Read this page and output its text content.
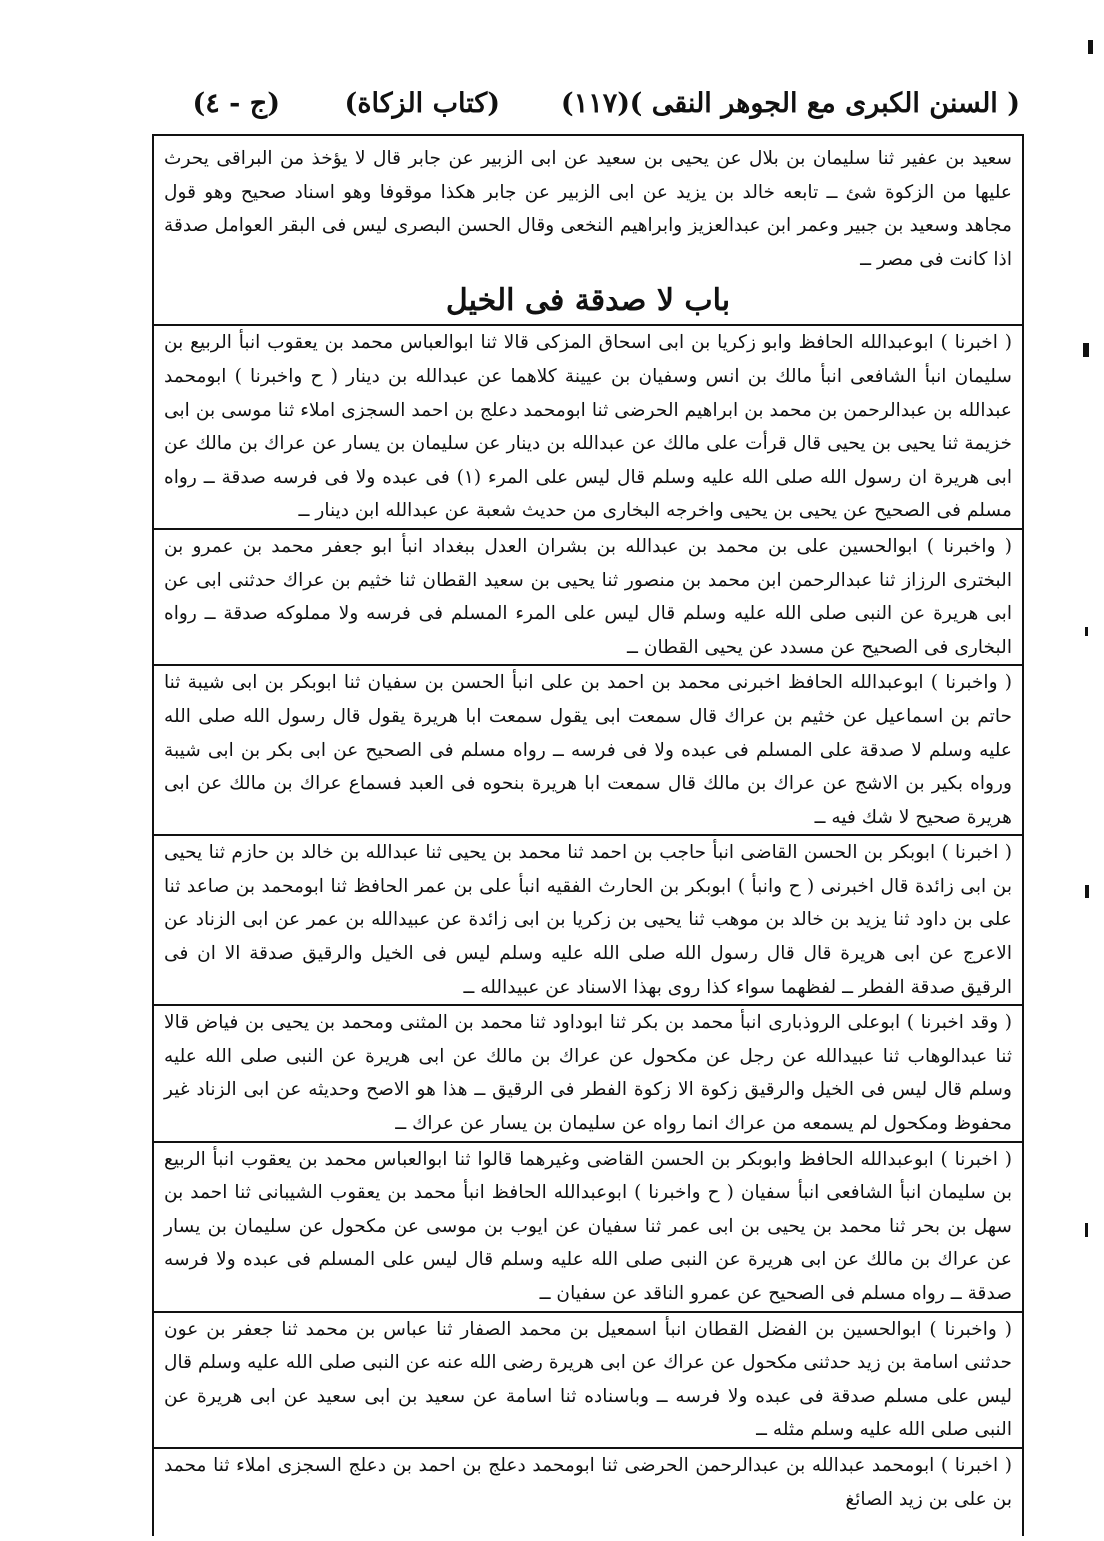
( السنن الكبرى مع الجوهر النقى )
(١١٧)
(كتاب الزكاة)
(ج - ٤)

سعيد بن عفير ثنا سليمان بن بلال عن يحيى بن سعيد عن ابى الزبير عن جابر قال لا يؤخذ من البراقى يحرث عليها من الزكوة شئ ــ تابعه خالد بن يزيد عن ابى الزبير عن جابر هكذا موقوفا وهو اسناد صحيح وهو قول مجاهد وسعيد بن جبير وعمر ابن عبدالعزيز وابراهيم النخعى وقال الحسن البصرى ليس فى البقر العوامل صدقة اذا كانت فى مصر ــ

باب لا صدقة فى الخيل

( اخبرنا ) ابوعبدالله الحافظ وابو زكريا بن ابى اسحاق المزكى قالا ثنا ابوالعباس محمد بن يعقوب انبأ الربيع بن سليمان انبأ الشافعى انبأ مالك بن انس وسفيان بن عيينة كلاهما عن عبدالله بن دينار ( ح واخبرنا ) ابومحمد عبدالله بن عبدالرحمن بن محمد بن ابراهيم الحرضى ثنا ابومحمد دعلج بن احمد السجزى املاء ثنا موسى بن ابى خزيمة ثنا يحيى بن يحيى قال قرأت على مالك عن عبدالله بن دينار عن سليمان بن يسار عن عراك بن مالك عن ابى هريرة ان رسول الله صلى الله عليه وسلم قال ليس على المرء (١) فى عبده ولا فى فرسه صدقة ــ رواه مسلم فى الصحيح عن يحيى بن يحيى واخرجه البخارى من حديث شعبة عن عبدالله ابن دينار ــ

( واخبرنا ) ابوالحسين على بن محمد بن عبدالله بن بشران العدل ببغداد انبأ ابو جعفر محمد بن عمرو بن البخترى الرزاز ثنا عبدالرحمن ابن محمد بن منصور ثنا يحيى بن سعيد القطان ثنا خثيم بن عراك حدثنى ابى عن ابى هريرة عن النبى صلى الله عليه وسلم قال ليس على المرء المسلم فى فرسه ولا مملوكه صدقة ــ رواه البخارى فى الصحيح عن مسدد عن يحيى القطان ــ

( واخبرنا ) ابوعبدالله الحافظ اخبرنى محمد بن احمد بن على انبأ الحسن بن سفيان ثنا ابوبكر بن ابى شيبة ثنا حاتم بن اسماعيل عن خثيم بن عراك قال سمعت ابى يقول سمعت ابا هريرة يقول قال رسول الله صلى الله عليه وسلم لا صدقة على المسلم فى عبده ولا فى فرسه ــ رواه مسلم فى الصحيح عن ابى بكر بن ابى شيبة ورواه بكير بن الاشج عن عراك بن مالك قال سمعت ابا هريرة بنحوه فى العبد فسماع عراك بن مالك عن ابى هريرة صحيح لا شك فيه ــ

( اخبرنا ) ابوبكر بن الحسن القاضى انبأ حاجب بن احمد ثنا محمد بن يحيى ثنا عبدالله بن خالد بن حازم ثنا يحيى بن ابى زائدة قال اخبرنى ( ح وانبأ ) ابوبكر بن الحارث الفقيه انبأ على بن عمر الحافظ ثنا ابومحمد بن صاعد ثنا على بن داود ثنا يزيد بن خالد بن موهب ثنا يحيى بن زكريا بن ابى زائدة عن عبيدالله بن عمر عن ابى الزناد عن الاعرج عن ابى هريرة قال قال رسول الله صلى الله عليه وسلم ليس فى الخيل والرقيق صدقة الا ان فى الرقيق صدقة الفطر ــ لفظهما سواء كذا روى بهذا الاسناد عن عبيدالله ــ

( وقد اخبرنا ) ابوعلى الروذبارى انبأ محمد بن بكر ثنا ابوداود ثنا محمد بن المثنى ومحمد بن يحيى بن فياض قالا ثنا عبدالوهاب ثنا عبيدالله عن رجل عن مكحول عن عراك بن مالك عن ابى هريرة عن النبى صلى الله عليه وسلم قال ليس فى الخيل والرقيق زكوة الا زكوة الفطر فى الرقيق ــ هذا هو الاصح وحديثه عن ابى الزناد غير محفوظ ومكحول لم يسمعه من عراك انما رواه عن سليمان بن يسار عن عراك ــ

( اخبرنا ) ابوعبدالله الحافظ وابوبكر بن الحسن القاضى وغيرهما قالوا ثنا ابوالعباس محمد بن يعقوب انبأ الربيع بن سليمان انبأ الشافعى انبأ سفيان ( ح واخبرنا ) ابوعبدالله الحافظ انبأ محمد بن يعقوب الشيبانى ثنا احمد بن سهل بن بحر ثنا محمد بن يحيى بن ابى عمر ثنا سفيان عن ايوب بن موسى عن مكحول عن سليمان بن يسار عن عراك بن مالك عن ابى هريرة عن النبى صلى الله عليه وسلم قال ليس على المسلم فى عبده ولا فرسه صدقة ــ رواه مسلم فى الصحيح عن عمرو الناقد عن سفيان ــ

( واخبرنا ) ابوالحسين بن الفضل القطان انبأ اسمعيل بن محمد الصفار ثنا عباس بن محمد ثنا جعفر بن عون حدثنى اسامة بن زيد حدثنى مكحول عن عراك عن ابى هريرة رضى الله عنه عن النبى صلى الله عليه وسلم قال ليس على مسلم صدقة فى عبده ولا فرسه ــ وباسناده ثنا اسامة عن سعيد بن ابى سعيد عن ابى هريرة عن النبى صلى الله عليه وسلم مثله ــ

( اخبرنا ) ابومحمد عبدالله بن عبدالرحمن الحرضى ثنا ابومحمد دعلج بن احمد بن دعلج السجزى املاء ثنا محمد بن على بن زيد الصائغ
